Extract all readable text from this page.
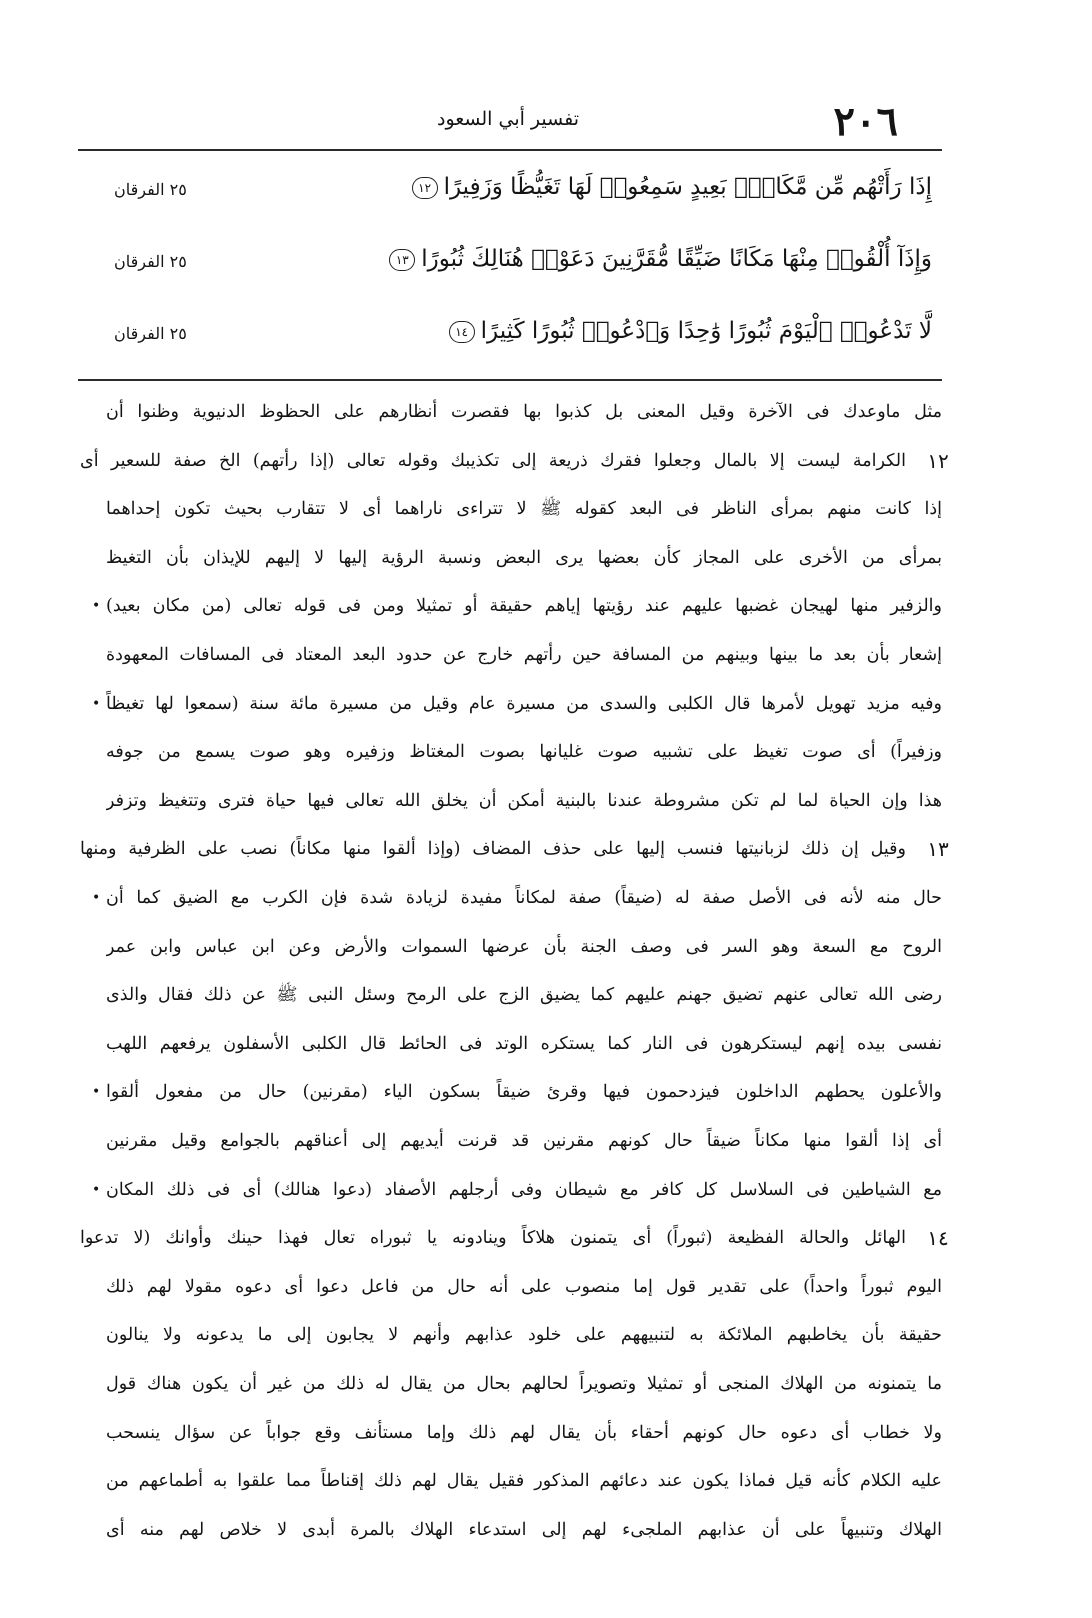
تفسير أبي السعود	٢٠٦
إِذَا رَأَتْهُم مِّن مَّكَانٍۭ بَعِيدٍ سَمِعُوا۟ لَهَا تَغَيُّظًا وَزَفِيرًا١٢
٢٥ الفرقان
وَإِذَآ أُلْقُوا۟ مِنْهَا مَكَانًا ضَيِّقًا مُّقَرَّنِينَ دَعَوْا۟ هُنَالِكَ ثُبُورًا١٣
٢٥ الفرقان
لَّا تَدْعُوا۟ ٱلْيَوْمَ ثُبُورًا وَٰحِدًا وَٱدْعُوا۟ ثُبُورًا كَثِيرًا١٤
٢٥ الفرقان
مثل ماوعدك فى الآخرة وقيل المعنى بل كذبوا بها فقصرت أنظارهم على الحظوظ الدنيوية وظنوا أن
الكرامة ليست إلا بالمال وجعلوا فقرك ذريعة إلى تكذيبك وقوله تعالى (إذا رأتهم) الخ صفة للسعير أى ١٢
إذا كانت منهم بمرأى الناظر فى البعد كقوله ﷺ لا تتراءى ناراهما أى لا تتقارب بحيث تكون إحداهما
بمرأى من الأخرى على المجاز كأن بعضها يرى البعض ونسبة الرؤية إليها لا إليهم للإيذان بأن التغيظ
والزفير منها لهيجان غضبها عليهم عند رؤيتها إياهم حقيقة أو تمثيلا ومن فى قوله تعالى (من مكان بعيد)
•
إشعار بأن بعد ما بينها وبينهم من المسافة حين رأتهم خارج عن حدود البعد المعتاد فى المسافات المعهودة
وفيه مزيد تهويل لأمرها قال الكلبى والسدى من مسيرة عام وقيل من مسيرة مائة سنة (سمعوا لها تغيظاً
•
وزفيراً) أى صوت تغيظ على تشبيه صوت غليانها بصوت المغتاظ وزفيره وهو صوت يسمع من جوفه
هذا وإن الحياة لما لم تكن مشروطة عندنا بالبنية أمكن أن يخلق الله تعالى فيها حياة فترى وتتغيظ وتزفر
وقيل إن ذلك لزبانيتها فنسب إليها على حذف المضاف (وإذا ألقوا منها مكاناً) نصب على الظرفية ومنها ١٣
حال منه لأنه فى الأصل صفة له (ضيقاً) صفة لمكاناً مفيدة لزيادة شدة فإن الكرب مع الضيق كما أن
•
الروح مع السعة وهو السر فى وصف الجنة بأن عرضها السموات والأرض وعن ابن عباس وابن عمر
رضى الله تعالى عنهم تضيق جهنم عليهم كما يضيق الزج على الرمح وسئل النبى ﷺ عن ذلك فقال والذى
نفسى بيده إنهم ليستكرهون فى النار كما يستكره الوتد فى الحائط قال الكلبى الأسفلون يرفعهم اللهب
والأعلون يحطهم الداخلون فيزدحمون فيها وقرئ ضيقاً بسكون الياء (مقرنين) حال من مفعول ألقوا
•
أى إذا ألقوا منها مكاناً ضيقاً حال كونهم مقرنين قد قرنت أيديهم إلى أعناقهم بالجوامع وقيل مقرنين
مع الشياطين فى السلاسل كل كافر مع شيطان وفى أرجلهم الأصفاد (دعوا هنالك) أى فى ذلك المكان
•
الهائل والحالة الفظيعة (ثبوراً) أى يتمنون هلاكاً وينادونه يا ثبوراه تعال فهذا حينك وأوانك (لا تدعوا ١٤
اليوم ثبوراً واحداً) على تقدير قول إما منصوب على أنه حال من فاعل دعوا أى دعوه مقولا لهم ذلك
حقيقة بأن يخاطبهم الملائكة به لتنبيههم على خلود عذابهم وأنهم لا يجابون إلى ما يدعونه ولا ينالون
ما يتمنونه من الهلاك المنجى أو تمثيلا وتصويراً لحالهم بحال من يقال له ذلك من غير أن يكون هناك قول
ولا خطاب أى دعوه حال كونهم أحقاء بأن يقال لهم ذلك وإما مستأنف وقع جواباً عن سؤال ينسحب
عليه الكلام كأنه قيل فماذا يكون عند دعائهم المذكور فقيل يقال لهم ذلك إقناطاً مما علقوا به أطماعهم من
الهلاك وتنبيهاً على أن عذابهم الملجىء لهم إلى استدعاء الهلاك بالمرة أبدى لا خلاص لهم منه أى
